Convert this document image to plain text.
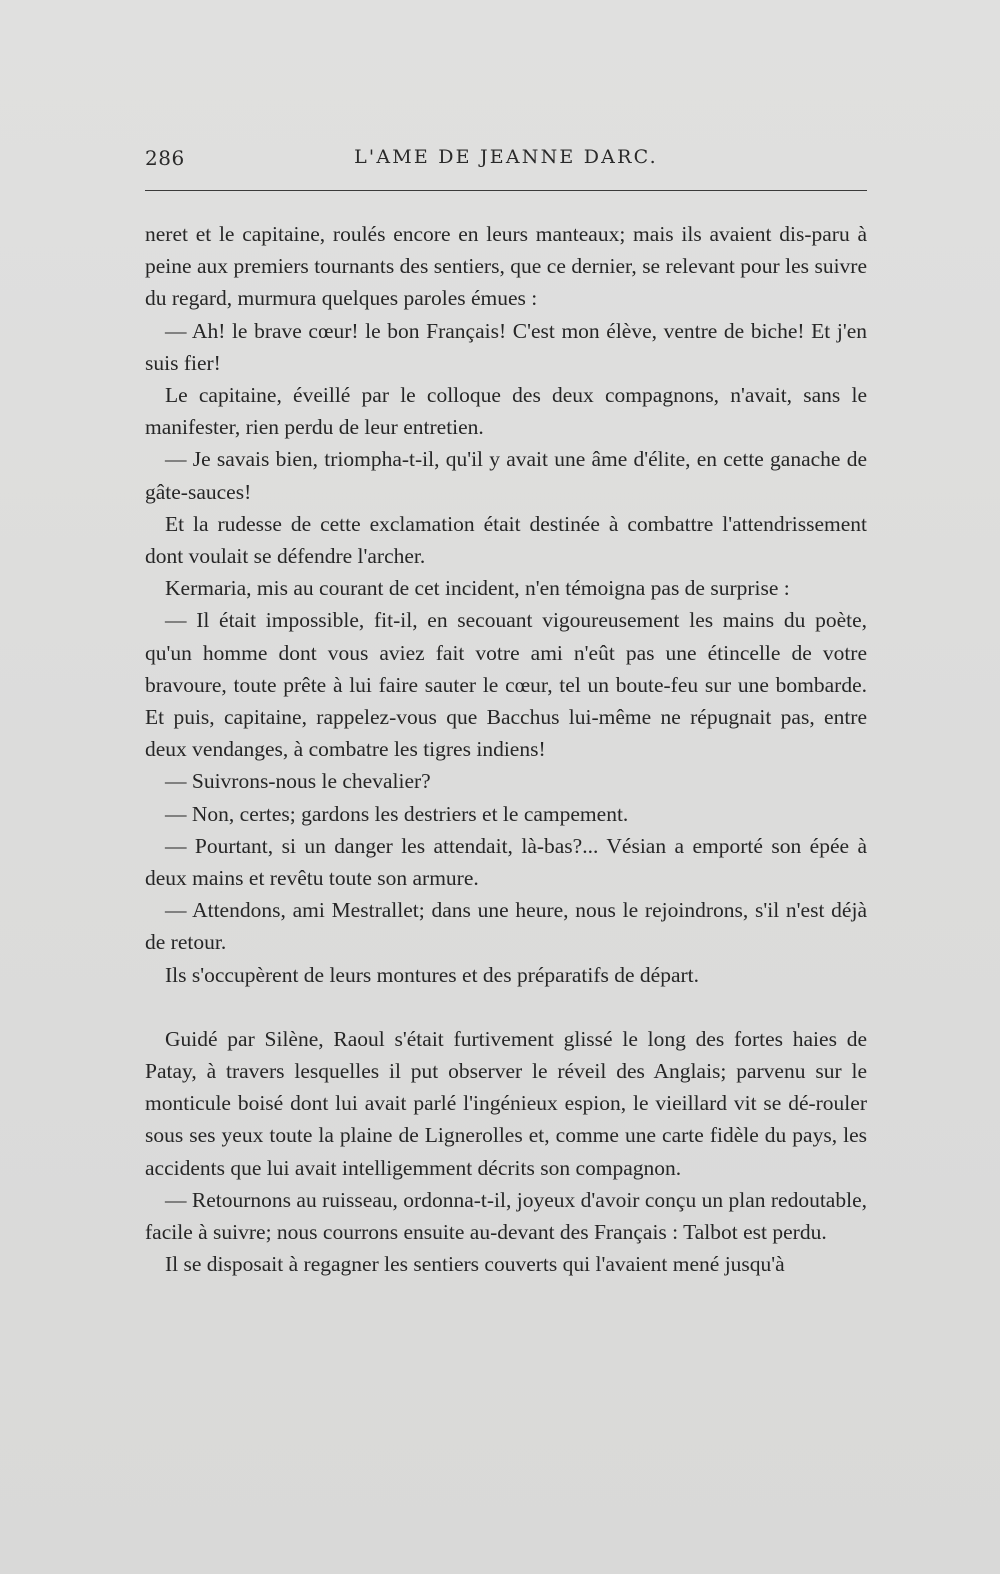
286	L'AME DE JEANNE DARC.

neret et le capitaine, roulés encore en leurs manteaux; mais ils avaient dis-paru à peine aux premiers tournants des sentiers, que ce dernier, se relevant pour les suivre du regard, murmura quelques paroles émues :

— Ah! le brave cœur! le bon Français! C'est mon élève, ventre de biche! Et j'en suis fier!

Le capitaine, éveillé par le colloque des deux compagnons, n'avait, sans le manifester, rien perdu de leur entretien.

— Je savais bien, triompha-t-il, qu'il y avait une âme d'élite, en cette ganache de gâte-sauces!

Et la rudesse de cette exclamation était destinée à combattre l'attendrissement dont voulait se défendre l'archer.

Kermaria, mis au courant de cet incident, n'en témoigna pas de surprise :

— Il était impossible, fit-il, en secouant vigoureusement les mains du poète, qu'un homme dont vous aviez fait votre ami n'eût pas une étincelle de votre bravoure, toute prête à lui faire sauter le cœur, tel un boute-feu sur une bombarde. Et puis, capitaine, rappelez-vous que Bacchus lui-même ne répugnait pas, entre deux vendanges, à combatre les tigres indiens!

— Suivrons-nous le chevalier?

— Non, certes; gardons les destriers et le campement.

— Pourtant, si un danger les attendait, là-bas?... Vésian a emporté son épée à deux mains et revêtu toute son armure.

— Attendons, ami Mestrallet; dans une heure, nous le rejoindrons, s'il n'est déjà de retour.

Ils s'occupèrent de leurs montures et des préparatifs de départ.

Guidé par Silène, Raoul s'était furtivement glissé le long des fortes haies de Patay, à travers lesquelles il put observer le réveil des Anglais; parvenu sur le monticule boisé dont lui avait parlé l'ingénieux espion, le vieillard vit se dé-rouler sous ses yeux toute la plaine de Lignerolles et, comme une carte fidèle du pays, les accidents que lui avait intelligemment décrits son compagnon.

— Retournons au ruisseau, ordonna-t-il, joyeux d'avoir conçu un plan redoutable, facile à suivre; nous courrons ensuite au-devant des Français : Talbot est perdu.

Il se disposait à regagner les sentiers couverts qui l'avaient mené jusqu'à
